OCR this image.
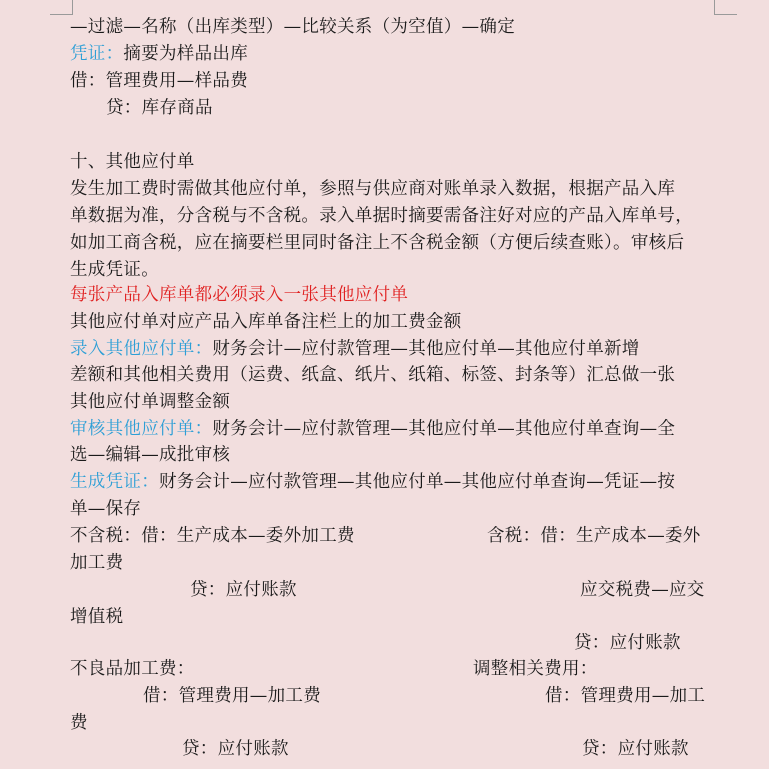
—过滤—名称（出库类型）—比较关系（为空值）—确定
凭证：摘要为样品出库
借：管理费用—样品费
贷：库存商品
十、其他应付单
发生加工费时需做其他应付单，参照与供应商对账单录入数据，根据产品入库
单数据为准，分含税与不含税。录入单据时摘要需备注好对应的产品入库单号，
如加工商含税，应在摘要栏里同时备注上不含税金额（方便后续查账）。审核后
生成凭证。
每张产品入库单都必须录入一张其他应付单
其他应付单对应产品入库单备注栏上的加工费金额
录入其他应付单：财务会计—应付款管理—其他应付单—其他应付单新增
差额和其他相关费用（运费、纸盒、纸片、纸箱、标签、封条等）汇总做一张
其他应付单调整金额
审核其他应付单：财务会计—应付款管理—其他应付单—其他应付单查询—全
选—编辑—成批审核
生成凭证：财务会计—应付款管理—其他应付单—其他应付单查询—凭证—按
单—保存
不含税：借：生产成本—委外加工费	含税：借：生产成本—委外
加工费
贷：应付账款	应交税费—应交
增值税
贷：应付账款
不良品加工费：	调整相关费用：
借：管理费用—加工费	借：管理费用—加工
费
贷：应付账款	贷：应付账款
